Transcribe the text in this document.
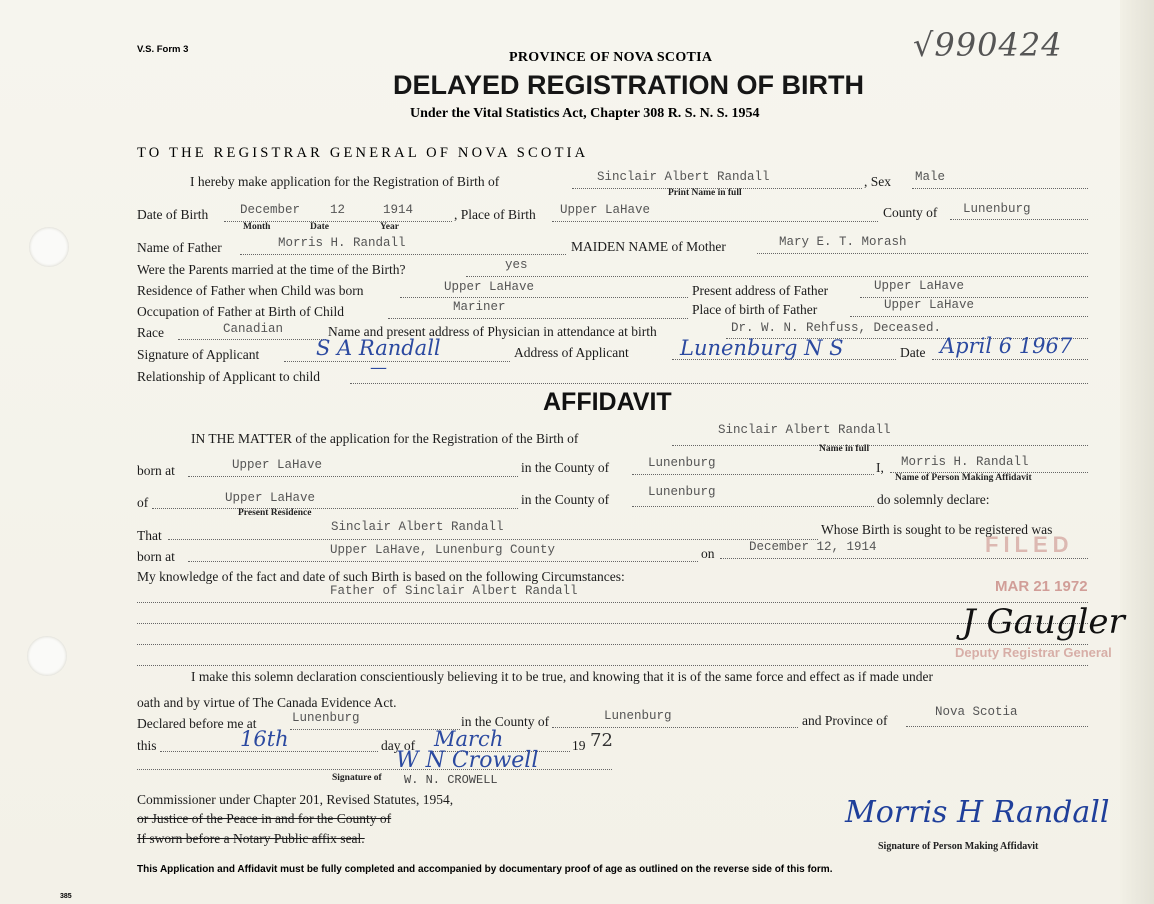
V.S. Form 3
PROVINCE OF NOVA SCOTIA
DELAYED REGISTRATION OF BIRTH
Under the Vital Statistics Act, Chapter 308 R. S. N. S. 1954
√990424
TO THE REGISTRAR GENERAL OF NOVA SCOTIA
I hereby make application for the Registration of Birth of	Sinclair Albert Randall
Print Name in full
, Sex Male
Date of Birth	December 12	1914
Month	Date	Year
, Place of Birth Upper LaHave	County of Lunenburg
Name of Father	Morris H. Randall	MAIDEN NAME of Mother	Mary E. T. Morash
Were the Parents married at the time of the Birth?	yes
Residence of Father when Child was born	Upper LaHave	Present address of Father	Upper LaHave
Occupation of Father at Birth of Child	Mariner	Place of birth of Father	Upper LaHave
Race	Canadian	Name and present address of Physician in attendance at birth	Dr. W. N. Rehfuss, Deceased.
Signature of Applicant	S A Randall	Address of Applicant Lunenburg N S	Date April 6 1967
Relationship of Applicant to child	—
AFFIDAVIT
IN THE MATTER of the application for the Registration of the Birth of
Sinclair Albert Randall
Name in full
born at	Upper LaHave	in the County of	Lunenburg	I, Morris H. Randall
Name of Person Making Affidavit
of	Upper LaHave
Present Residence
in the County of	Lunenburg	do solemnly declare:
That
Sinclair Albert Randall	Whose Birth is sought to be registered was
born at	Upper LaHave, Lunenburg County	on	December 12, 1914
My knowledge of the fact and date of such Birth is based on the following Circumstances:
Father of Sinclair Albert Randall
I make this solemn declaration conscientiously believing it to be true, and knowing that it is of the same force and effect as if made under
oath and by virtue of The Canada Evidence Act.
Declared before me at	Lunenburg	in the County of	Lunenburg	and Province of
Nova Scotia
this	16th	day of March	19 72
W N Crowell
Signature of W. N. CROWELL
Commissioner under Chapter 201, Revised Statutes, 1954,
or Justice of the Peace in and for the County of
If sworn before a Notary Public affix seal.
Morris H Randall
Signature of Person Making Affidavit
FILED
MAR 21 1972
J Gaugler
Deputy Registrar General
This Application and Affidavit must be fully completed and accompanied by documentary proof of age as outlined on the reverse side of this form.
385
